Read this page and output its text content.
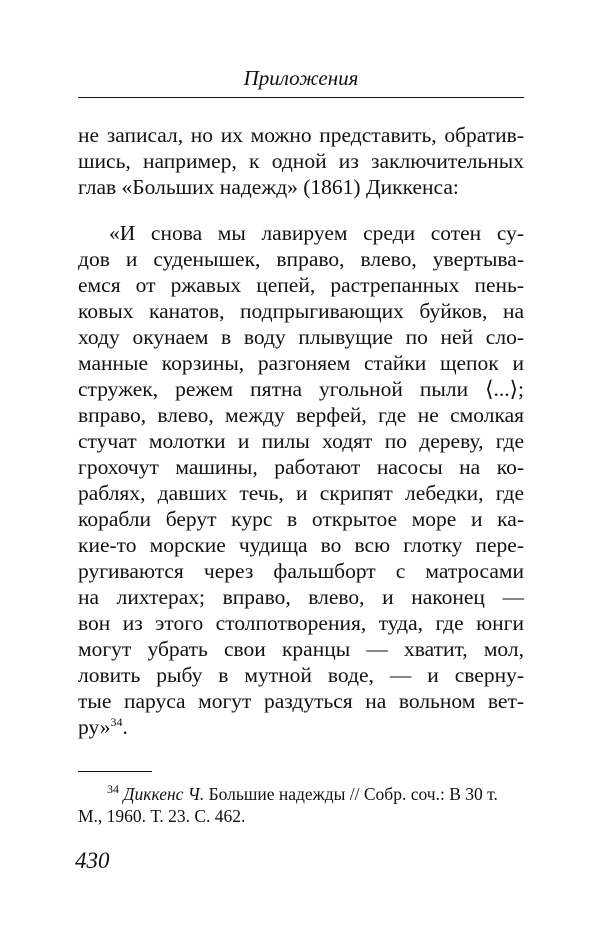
Приложения
не записал, но их можно представить, обратив-
шись, например, к одной из заключительных
глав «Больших надежд» (1861) Диккенса:
«И снова мы лавируем среди сотен су-
дов и суденышек, вправо, влево, увертыва-
емся от ржавых цепей, растрепанных пень-
ковых канатов, подпрыгивающих буйков, на
ходу окунаем в воду плывущие по ней сло-
манные корзины, разгоняем стайки щепок и
стружек, режем пятна угольной пыли ⟨...⟩;
вправо, влево, между верфей, где не смолкая
стучат молотки и пилы ходят по дереву, где
грохочут машины, работают насосы на ко-
раблях, давших течь, и скрипят лебедки, где
корабли берут курс в открытое море и ка-
кие-то морские чудища во всю глотку пере-
ругиваются через фальшборт с матросами
на лихтерах; вправо, влево, и наконец —
вон из этого столпотворения, туда, где юнги
могут убрать свои кранцы — хватит, мол,
ловить рыбу в мутной воде, — и сверну-
тые паруса могут раздуться на вольном вет-
ру»$^{34}$.
$^{34}$ Диккенс Ч. Большие надежды // Собр. соч.: В 30 т.
М., 1960. Т. 23. С. 462.
430
